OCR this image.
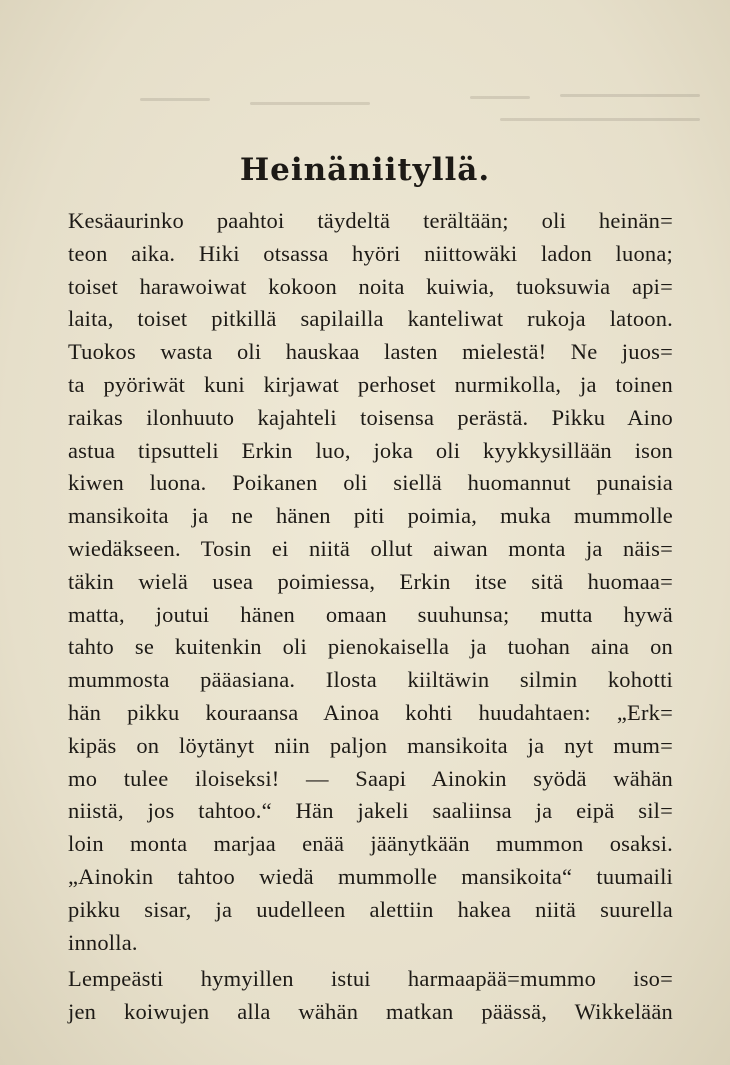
Heinäniityllä.
Kesäaurinko paahtoi täydeltä terältään; oli heinän=
teon aika. Hiki otsassa hyöri niittowäki ladon luona;
toiset harawoiwat kokoon noita kuiwia, tuoksuwia api=
laita, toiset pitkillä sapilailla kanteliwat rukoja latoon.
Tuokos wasta oli hauskaa lasten mielestä! Ne juos=
ta pyöriwät kuni kirjawat perhoset nurmikolla, ja toinen
raikas ilonhuuto kajahteli toisensa perästä. Pikku Aino
astua tipsutteli Erkin luo, joka oli kyykkysillään ison
kiwen luona. Poikanen oli siellä huomannut punaisia
mansikoita ja ne hänen piti poimia, muka mummolle
wiedäkseen. Tosin ei niitä ollut aiwan monta ja näis=
täkin wielä usea poimiessa, Erkin itse sitä huomaa=
matta, joutui hänen omaan suuhunsa; mutta hywä
tahto se kuitenkin oli pienokaisella ja tuohan aina on
mummosta pääasiana. Ilosta kiiltäwin silmin kohotti
hän pikku kouraansa Ainoa kohti huudahtaen: „Erk=
kipäs on löytänyt niin paljon mansikoita ja nyt mum=
mo tulee iloiseksi! — Saapi Ainokin syödä wähän
niistä, jos tahtoo.“ Hän jakeli saaliinsa ja eipä sil=
loin monta marjaa enää jäänytkään mummon osaksi.
„Ainokin tahtoo wiedä mummolle mansikoita“ tuumaili
pikku sisar, ja uudelleen alettiin hakea niitä suurella
innolla.
Lempeästi hymyillen istui harmaapää=mummo iso=
jen koiwujen alla wähän matkan päässä, Wikkelään
